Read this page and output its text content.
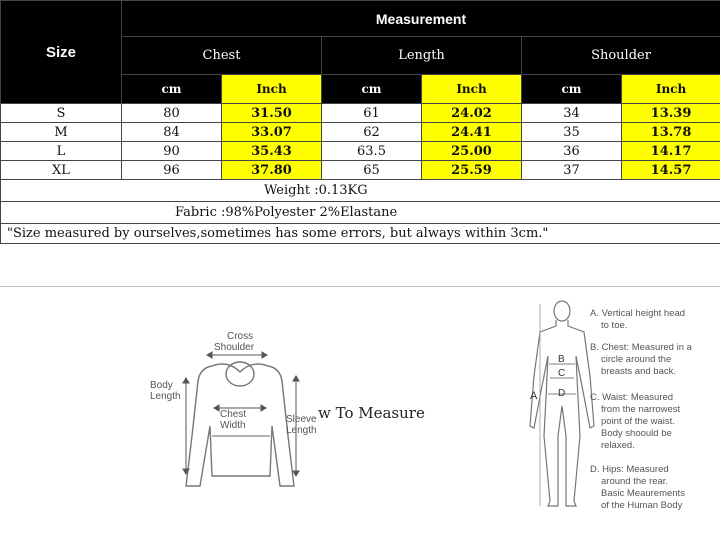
Size	Measurement					
	Chest		Length		Shoulder	
	cm	Inch	cm	Inch	cm	Inch
S	80	31.50	61	24.02	34	13.39
M	84	33.07	62	24.41	35	13.78
L	90	35.43	63.5	25.00	36	14.17
XL	96	37.80	65	25.59	37	14.57
Weight :0.13KG						
Fabric :98%Polyester 2%Elastane						
"Size measured by ourselves,sometimes has some errors, but always within 3cm."						
Cross
Shoulder
Body
Length
Chest
Width
Sleeve
Length
w To Measure
A
B
C
D
A. Vertical height head
to toe.
B. Chest: Measured in a
circle around the
breasts and back.
C. Waist: Measured
from the narrowest
point of the waist.
Body shoould be
relaxed.
D. Hips: Measured
around the rear.
Basic Meaurements
of the Human Body
